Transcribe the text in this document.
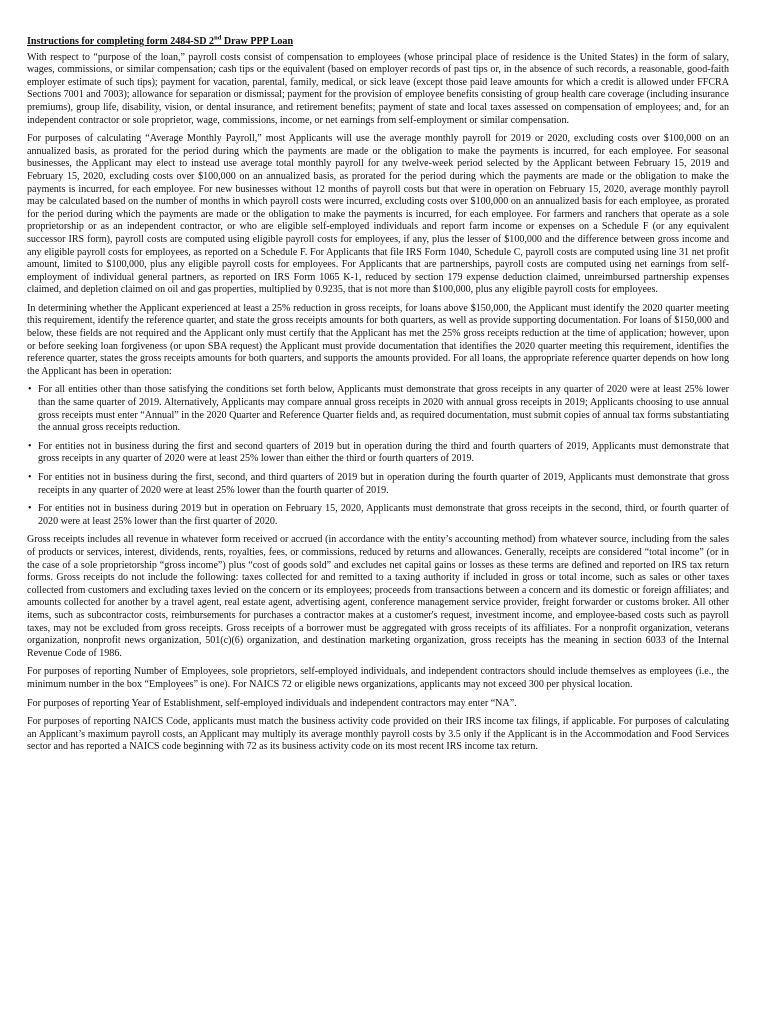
Instructions for completing form 2484-SD 2nd Draw PPP Loan

With respect to “purpose of the loan,” payroll costs consist of compensation to employees (whose principal place of residence is the United States) in the form of salary, wages, commissions, or similar compensation; cash tips or the equivalent (based on employer records of past tips or, in the absence of such records, a reasonable, good-faith employer estimate of such tips); payment for vacation, parental, family, medical, or sick leave (except those paid leave amounts for which a credit is allowed under FFCRA Sections 7001 and 7003); allowance for separation or dismissal; payment for the provision of employee benefits consisting of group health care coverage (including insurance premiums), group life, disability, vision, or dental insurance, and retirement benefits; payment of state and local taxes assessed on compensation of employees; and, for an independent contractor or sole proprietor, wage, commissions, income, or net earnings from self-employment or similar compensation.

For purposes of calculating “Average Monthly Payroll,” most Applicants will use the average monthly payroll for 2019 or 2020, excluding costs over $100,000 on an annualized basis, as prorated for the period during which the payments are made or the obligation to make the payments is incurred, for each employee. For seasonal businesses, the Applicant may elect to instead use average total monthly payroll for any twelve-week period selected by the Applicant between February 15, 2019 and February 15, 2020, excluding costs over $100,000 on an annualized basis, as prorated for the period during which the payments are made or the obligation to make the payments is incurred, for each employee. For new businesses without 12 months of payroll costs but that were in operation on February 15, 2020, average monthly payroll may be calculated based on the number of months in which payroll costs were incurred, excluding costs over $100,000 on an annualized basis for each employee, as prorated for the period during which the payments are made or the obligation to make the payments is incurred, for each employee. For farmers and ranchers that operate as a sole proprietorship or as an independent contractor, or who are eligible self-employed individuals and report farm income or expenses on a Schedule F (or any equivalent successor IRS form), payroll costs are computed using eligible payroll costs for employees, if any, plus the lesser of $100,000 and the difference between gross income and any eligible payroll costs for employees, as reported on a Schedule F. For Applicants that file IRS Form 1040, Schedule C, payroll costs are computed using line 31 net profit amount, limited to $100,000, plus any eligible payroll costs for employees. For Applicants that are partnerships, payroll costs are computed using net earnings from self-employment of individual general partners, as reported on IRS Form 1065 K-1, reduced by section 179 expense deduction claimed, unreimbursed partnership expenses claimed, and depletion claimed on oil and gas properties, multiplied by 0.9235, that is not more than $100,000, plus any eligible payroll costs for employees.

In determining whether the Applicant experienced at least a 25% reduction in gross receipts, for loans above $150,000, the Applicant must identify the 2020 quarter meeting this requirement, identify the reference quarter, and state the gross receipts amounts for both quarters, as well as provide supporting documentation. For loans of $150,000 and below, these fields are not required and the Applicant only must certify that the Applicant has met the 25% gross receipts reduction at the time of application; however, upon or before seeking loan forgiveness (or upon SBA request) the Applicant must provide documentation that identifies the 2020 quarter meeting this requirement, identifies the reference quarter, states the gross receipts amounts for both quarters, and supports the amounts provided. For all loans, the appropriate reference quarter depends on how long the Applicant has been in operation:

• For all entities other than those satisfying the conditions set forth below, Applicants must demonstrate that gross receipts in any quarter of 2020 were at least 25% lower than the same quarter of 2019. Alternatively, Applicants may compare annual gross receipts in 2020 with annual gross receipts in 2019; Applicants choosing to use annual gross receipts must enter “Annual” in the 2020 Quarter and Reference Quarter fields and, as required documentation, must submit copies of annual tax forms substantiating the annual gross receipts reduction.
• For entities not in business during the first and second quarters of 2019 but in operation during the third and fourth quarters of 2019, Applicants must demonstrate that gross receipts in any quarter of 2020 were at least 25% lower than either the third or fourth quarters of 2019.
• For entities not in business during the first, second, and third quarters of 2019 but in operation during the fourth quarter of 2019, Applicants must demonstrate that gross receipts in any quarter of 2020 were at least 25% lower than the fourth quarter of 2019.
• For entities not in business during 2019 but in operation on February 15, 2020, Applicants must demonstrate that gross receipts in the second, third, or fourth quarter of 2020 were at least 25% lower than the first quarter of 2020.

Gross receipts includes all revenue in whatever form received or accrued (in accordance with the entity’s accounting method) from whatever source, including from the sales of products or services, interest, dividends, rents, royalties, fees, or commissions, reduced by returns and allowances. Generally, receipts are considered “total income” (or in the case of a sole proprietorship “gross income”) plus “cost of goods sold” and excludes net capital gains or losses as these terms are defined and reported on IRS tax return forms. Gross receipts do not include the following: taxes collected for and remitted to a taxing authority if included in gross or total income, such as sales or other taxes collected from customers and excluding taxes levied on the concern or its employees; proceeds from transactions between a concern and its domestic or foreign affiliates; and amounts collected for another by a travel agent, real estate agent, advertising agent, conference management service provider, freight forwarder or customs broker. All other items, such as subcontractor costs, reimbursements for purchases a contractor makes at a customer's request, investment income, and employee-based costs such as payroll taxes, may not be excluded from gross receipts. Gross receipts of a borrower must be aggregated with gross receipts of its affiliates. For a nonprofit organization, veterans organization, nonprofit news organization, 501(c)(6) organization, and destination marketing organization, gross receipts has the meaning in section 6033 of the Internal Revenue Code of 1986.

For purposes of reporting Number of Employees, sole proprietors, self-employed individuals, and independent contractors should include themselves as employees (i.e., the minimum number in the box “Employees” is one). For NAICS 72 or eligible news organizations, applicants may not exceed 300 per physical location.

For purposes of reporting Year of Establishment, self-employed individuals and independent contractors may enter “NA”.

For purposes of reporting NAICS Code, applicants must match the business activity code provided on their IRS income tax filings, if applicable. For purposes of calculating an Applicant’s maximum payroll costs, an Applicant may multiply its average monthly payroll costs by 3.5 only if the Applicant is in the Accommodation and Food Services sector and has reported a NAICS code beginning with 72 as its business activity code on its most recent IRS income tax return.
